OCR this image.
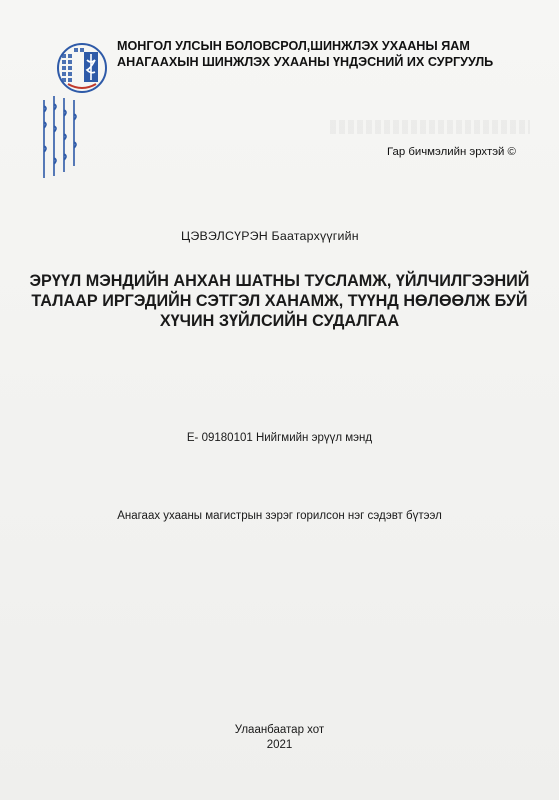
МОНГОЛ УЛСЫН БОЛОВСРОЛ,ШИНЖЛЭХ УХААНЫ ЯАМ
АНАГААХЫН ШИНЖЛЭХ УХААНЫ ҮНДЭСНИЙ ИХ СУРГУУЛЬ
Гар бичмэлийн эрхтэй ©
ЦЭВЭЛСҮРЭН Баатархүүгийн
ЭРҮҮЛ МЭНДИЙН АНХАН ШАТНЫ ТУСЛАМЖ, ҮЙЛЧИЛГЭЭНИЙ
ТАЛААР ИРГЭДИЙН СЭТГЭЛ ХАНАМЖ, ТҮҮНД НӨЛӨӨЛЖ БУЙ
ХҮЧИН ЗҮЙЛСИЙН СУДАЛГАА
E- 09180101 Нийгмийн эрүүл мэнд
Анагаах ухааны магистрын зэрэг горилсон нэг сэдэвт бүтээл
Улаанбаатар хот
2021
